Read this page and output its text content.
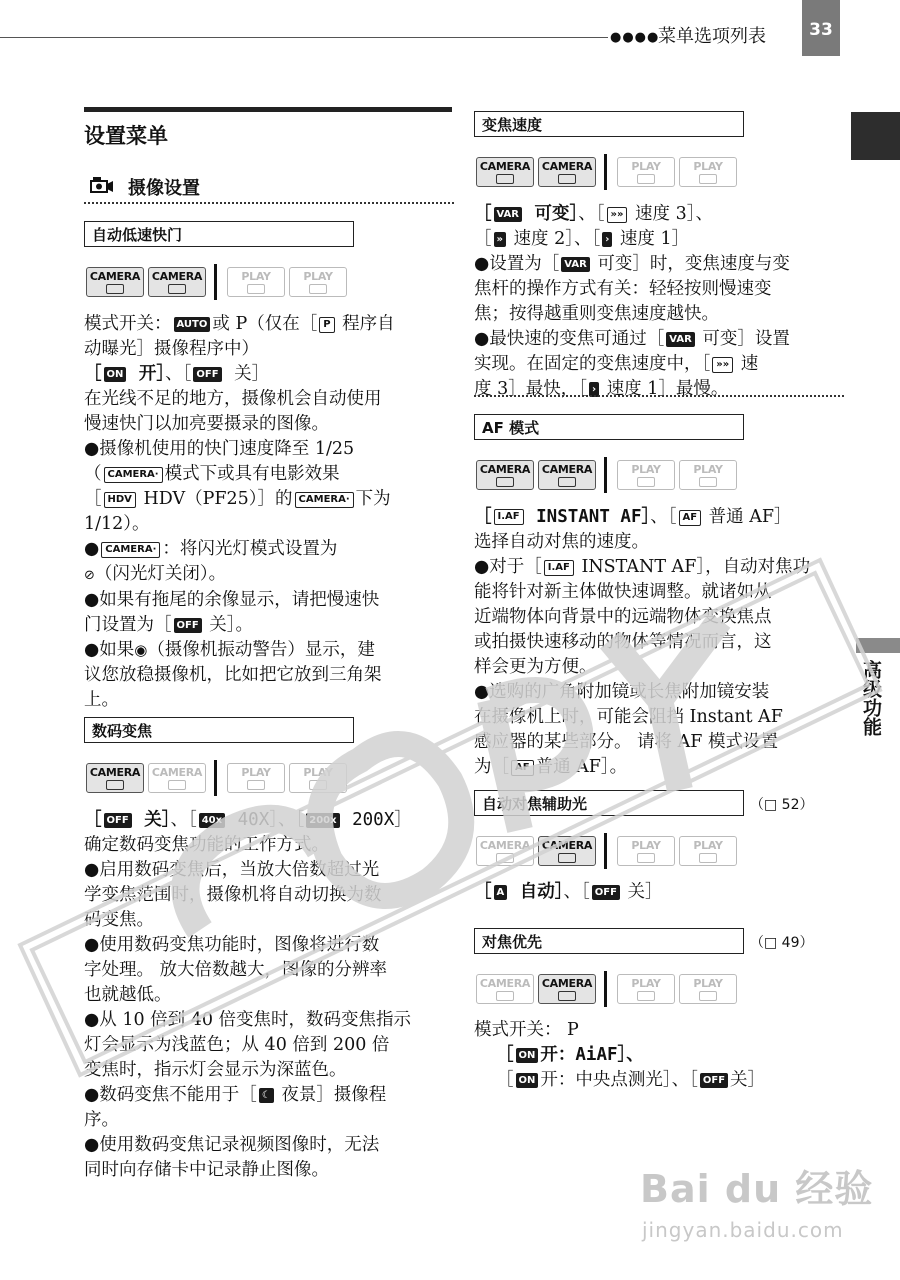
●●●●
菜单选项列表	33
高级功能
设置菜单
摄像设置
自动低速快门
CAMERA CAMERA	PLAY	PLAY

模式开关： AUTO 或 P（仅在［ P 程序自

动曝光］摄像程序中）

［ ON 开］、［ OFF 关］

在光线不足的地方，摄像机会自动使用

慢速快门以加亮要摄录的图像。

●摄像机使用的快门速度降至 1/25

（ CAMERA· 模式下或具有电影效果

［ HDV HDV（PF25）］的 CAMERA· 下为

1/12）。

● CAMERA· ：将闪光灯模式设置为

⊘（闪光灯关闭）。

●如果有拖尾的余像显示，请把慢速快

门设置为［ OFF 关］。

●如果◉（摄像机振动警告）显示，建

议您放稳摄像机，比如把它放到三角架

上。

数码变焦
CAMERA CAMERA	PLAY	PLAY

［ OFF 关］、［ 40x 40X］、［ 200x 200X］

确定数码变焦功能的工作方式。

●启用数码变焦后，当放大倍数超过光

学变焦范围时，摄像机将自动切换为数

码变焦。

●使用数码变焦功能时，图像将进行数

字处理。 放大倍数越大，图像的分辨率

也就越低。

●从 10 倍到 40 倍变焦时，数码变焦指示

灯会显示为浅蓝色；从 40 倍到 200 倍

变焦时，指示灯会显示为深蓝色。

●数码变焦不能用于［ ☾ 夜景］摄像程

序。

●使用数码变焦记录视频图像时，无法

同时向存储卡中记录静止图像。

变焦速度
CAMERA CAMERA	PLAY	PLAY

［ VAR 可变］、［ »» 速度 3］、

［ » 速度 2］、［ › 速度 1］

●设置为［ VAR 可变］时，变焦速度与变

焦杆的操作方式有关：轻轻按则慢速变

焦；按得越重则变焦速度越快。

●最快速的变焦可通过［ VAR 可变］设置

实现。在固定的变焦速度中，［ »» 速

度 3］最快，［ › 速度 1］最慢。

AF 模式
CAMERA CAMERA	PLAY	PLAY

［ I.AF INSTANT AF］、［ AF 普通 AF］

选择自动对焦的速度。

●对于［ I.AF INSTANT AF］，自动对焦功

能将针对新主体做快速调整。就诸如从

近端物体向背景中的远端物体变换焦点

或拍摄快速移动的物体等情况而言，这

样会更为方便。

●选购的广角附加镜或长焦附加镜安装

在摄像机上时，可能会阻挡 Instant AF

感应器的某些部分。 请将 AF 模式设置

为［ AF 普通 AF］。

自动对焦辅助光	（□ 52）
CAMERA CAMERA	PLAY	PLAY

［ A 自动］、［ OFF 关］

对焦优先	（□ 49）
CAMERA CAMERA	PLAY	PLAY

模式开关： P

［ ON 开：AiAF］、

［ ON 开：中央点测光］、［ OFF 关］

Bai du 经验
jingyan.baidu.com
